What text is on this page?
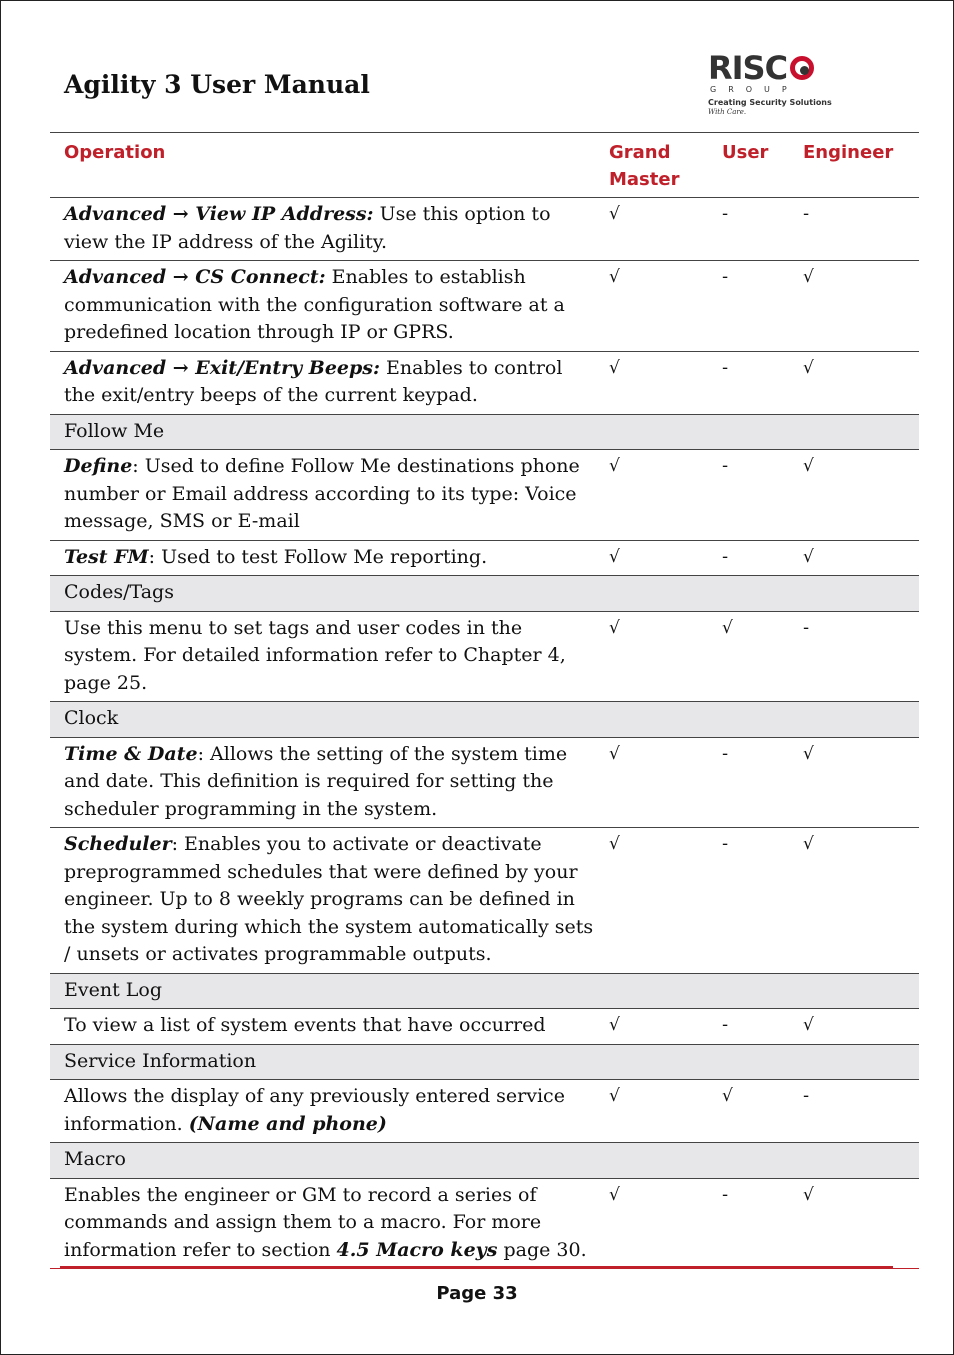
Agility 3 User Manual	RISC
GROUP
Creating Security Solutions With Care.
Operation	Grand Master	User	Engineer
Advanced → View IP Address: Use this option to view the IP address of the Agility.	√	-	-
Advanced → CS Connect: Enables to establish communication with the configuration software at a predefined location through IP or GPRS.	√	-	√
Advanced → Exit/Entry Beeps: Enables to control the exit/entry beeps of the current keypad.	√	-	√
Follow Me			
Define: Used to define Follow Me destinations phone number or Email address according to its type: Voice message, SMS or E-mail	√	-	√
Test FM: Used to test Follow Me reporting.	√	-	√
Codes/Tags			
Use this menu to set tags and user codes in the system. For detailed information refer to Chapter 4, page 25.	√	√	-
Clock			
Time & Date: Allows the setting of the system time and date. This definition is required for setting the scheduler programming in the system.	√	-	√
Scheduler: Enables you to activate or deactivate preprogrammed schedules that were defined by your engineer. Up to 8 weekly programs can be defined in the system during which the system automatically sets / unsets or activates programmable outputs.	√	-	√
Event Log			
To view a list of system events that have occurred	√	-	√
Service Information			
Allows the display of any previously entered service information. (Name and phone)	√	√	-
Macro			
Enables the engineer or GM to record a series of commands and assign them to a macro. For more information refer to section 4.5 Macro keys page 30.	√	-	√
Page 33
